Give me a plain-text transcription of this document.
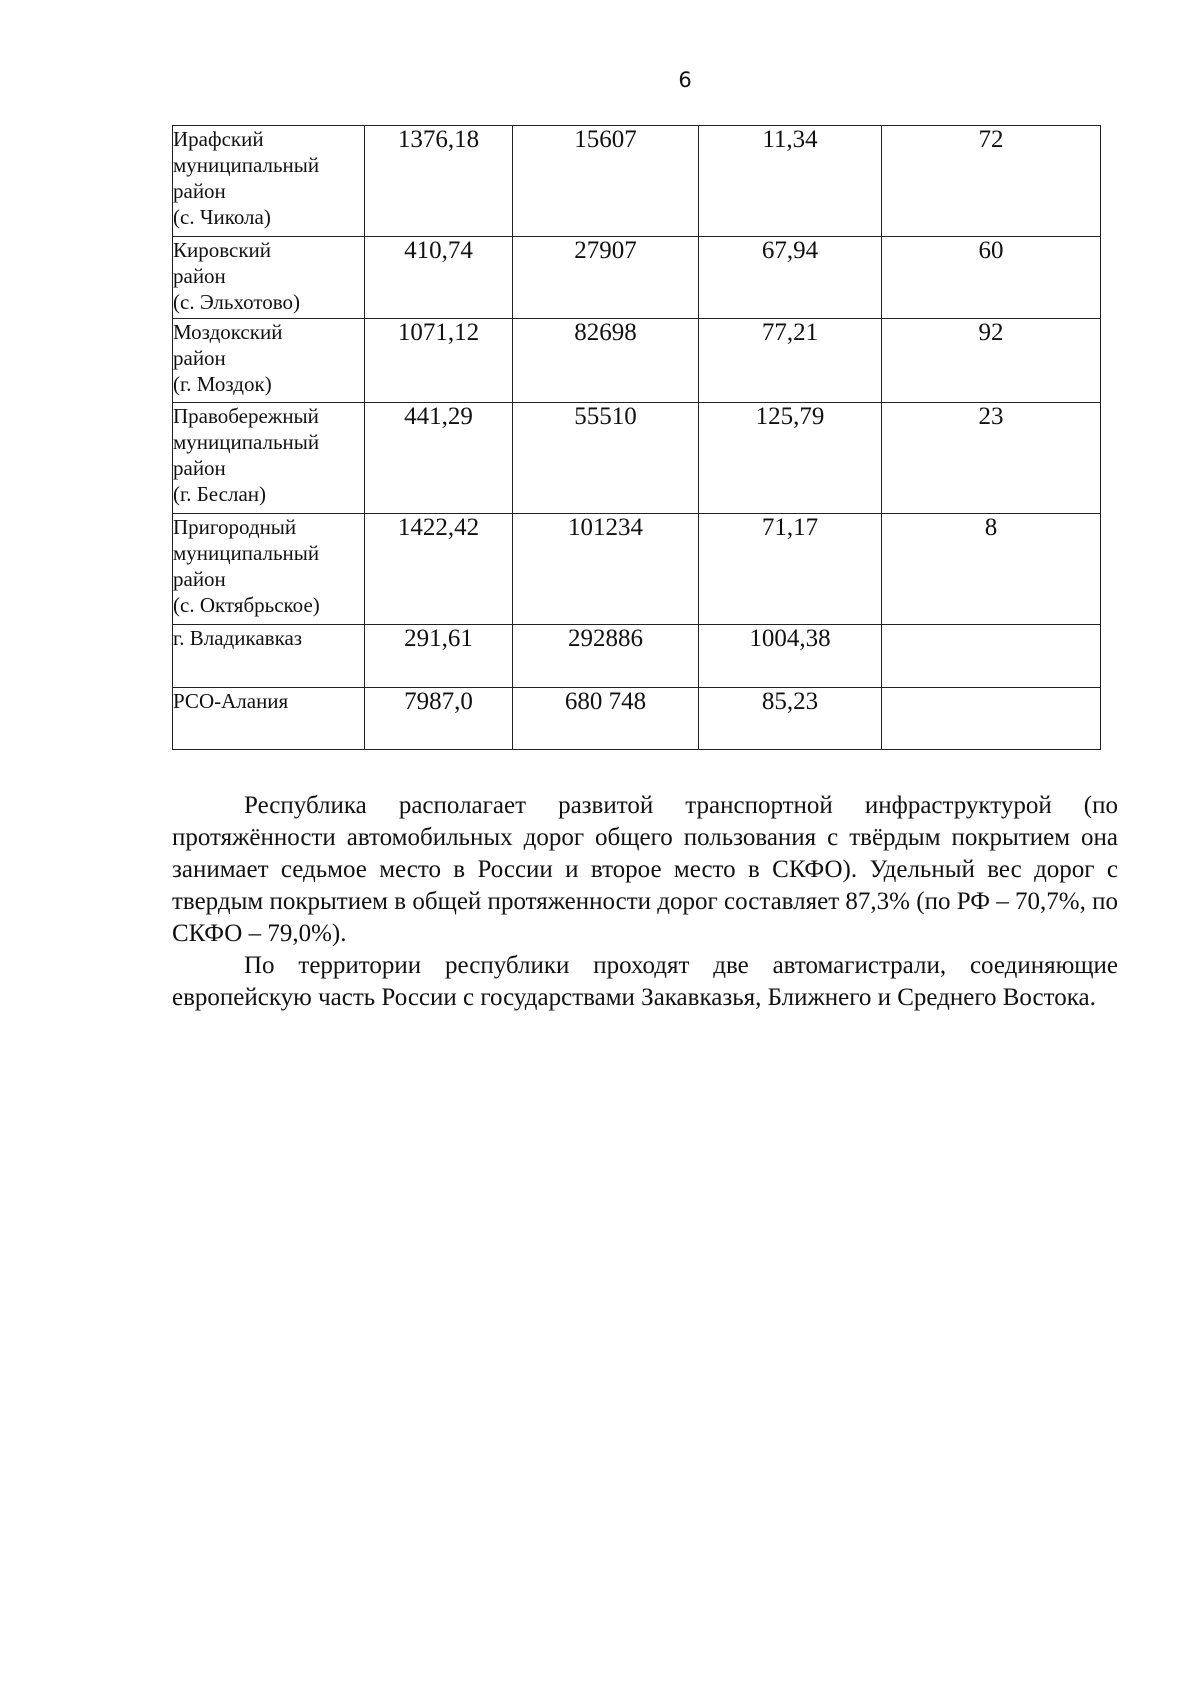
6
Ирафский
муниципальный
район
(с. Чикола)	1376,18	15607	11,34	72
Кировский
район
(с. Эльхотово)	410,74	27907	67,94	60
Моздокский
район
(г. Моздок)	1071,12	82698	77,21	92
Правобережный
муниципальный
район
(г. Беслан)	441,29	55510	125,79	23
Пригородный
муниципальный
район
(с. Октябрьское)	1422,42	101234	71,17	8
г. Владикавказ	291,61	292886	1004,38	
РСО-Алания	7987,0	680 748	85,23	

Республика располагает развитой транспортной инфраструктурой (по протяжённости автомобильных дорог общего пользования с твёрдым покрытием она занимает седьмое место в России и второе место в СКФО). Удельный вес дорог с твердым покрытием в общей протяженности дорог составляет 87,3% (по РФ – 70,7%, по СКФО – 79,0%).

По территории республики проходят две автомагистрали, соединяющие европейскую часть России с государствами Закавказья, Ближнего и Среднего Востока.
